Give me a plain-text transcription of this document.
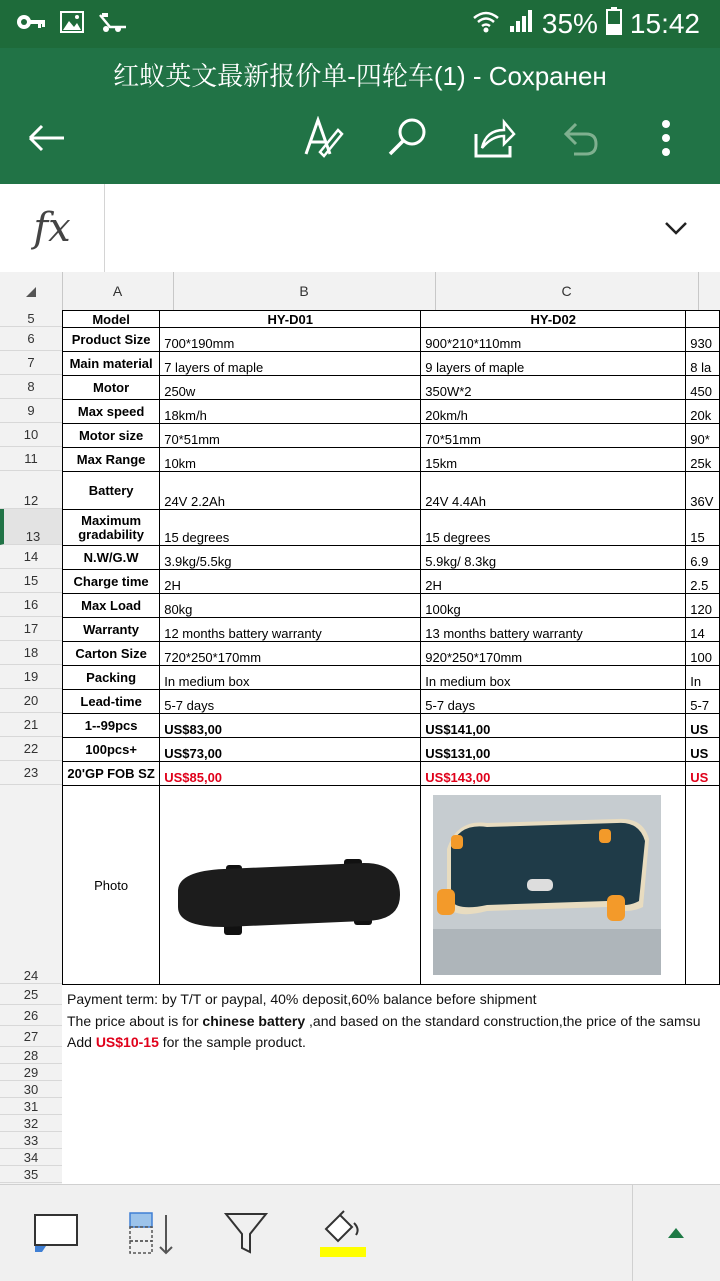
35% 15:42
红蚁英文最新报价单-四轮车(1) - Сохранен
fx
A	B	C
5
6
7
8
9
10
11
12
13
14
15
16
17
18
19
20
21
22
23
24
25
26
27
28
29
30
31
32
33
34
35
Model	HY-D01	HY-D02	
Product Size	700*190mm	900*210*110mm	930
Main material	7 layers of maple	9 layers of maple	8 la
Motor	250w	350W*2	450
Max speed	18km/h	20km/h	20k
Motor size	70*51mm	70*51mm	90*
Max Range	10km	15km	25k
Battery	24V 2.2Ah	24V 4.4Ah	36V
Maximum gradability	15 degrees	15 degrees	15
N.W/G.W	3.9kg/5.5kg	5.9kg/ 8.3kg	6.9
Charge time	2H	2H	2.5
Max Load	80kg	100kg	120
Warranty	12 months battery warranty	13 months battery warranty	14
Carton Size	720*250*170mm	920*250*170mm	100
Packing	In medium box	In medium box	In
Lead-time	5-7 days	5-7 days	5-7
1--99pcs	US$83,00	US$141,00	US
100pcs+	US$73,00	US$131,00	US
20'GP FOB SZ	US$85,00	US$143,00	US
Photo			
Payment term: by T/T or paypal, 40% deposit,60% balance before shipment
The price about is for chinese battery ,and based on the standard construction,the price of the samsu
Add US$10-15 for the sample product.
